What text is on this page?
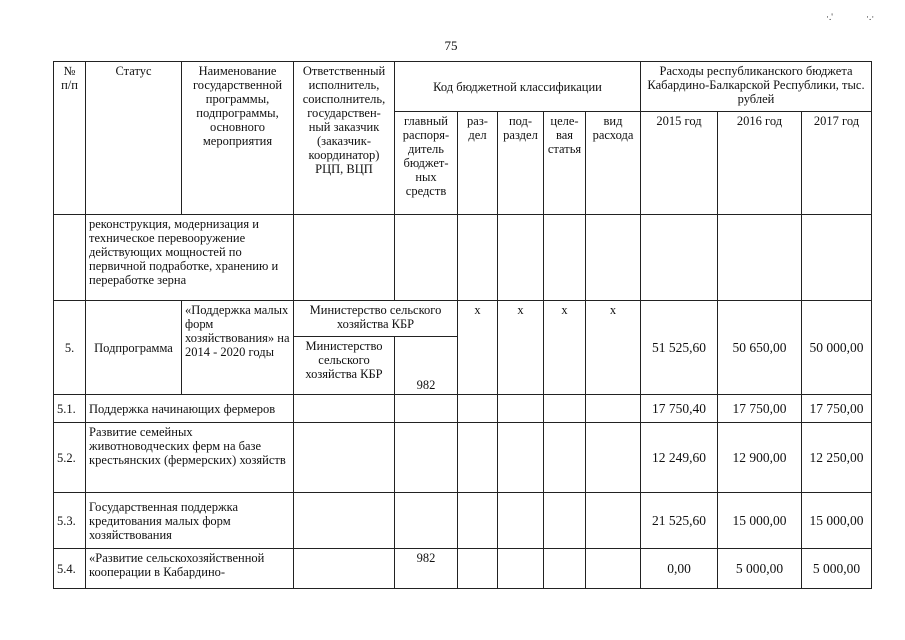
75
·.'	·.·
№ п/п	Статус	Наименование государственной программы, подпрограммы, основного мероприятия	Ответственный исполнитель, соисполнитель, государствен-ный заказчик (заказчик-координатор) РЦП, ВЦП	Код бюджетной классификации					Расходы республиканского бюджета Кабардино-Балкарской Республики, тыс. рублей		
				главный распоря-дитель бюджет-ных средств	раз-дел	под-раздел	целе-вая статья	вид расхода	2015 год	2016 год	2017 год
	реконструкция, модернизация и техническое перевооружение действующих мощностей по первичной подработке, хранению и переработке зерна										
5.	Подпрограмма	«Поддержка малых форм хозяйствования» на 2014 - 2020 годы	Министерство сельского хозяйства КБР		x	x	x	x	51 525,60	50 650,00	50 000,00
			Министерство сельского хозяйства КБР	982							
5.1.	Поддержка начинающих фермеров								17 750,40	17 750,00	17 750,00
5.2.	Развитие семейных животноводческих ферм на базе крестьянских (фермерских) хозяйств								12 249,60	12 900,00	12 250,00
5.3.	Государственная поддержка кредитования малых форм хозяйствования								21 525,60	15 000,00	15 000,00
5.4.	«Развитие сельскохозяйственной кооперации в Кабардино-			982					0,00	5 000,00	5 000,00
